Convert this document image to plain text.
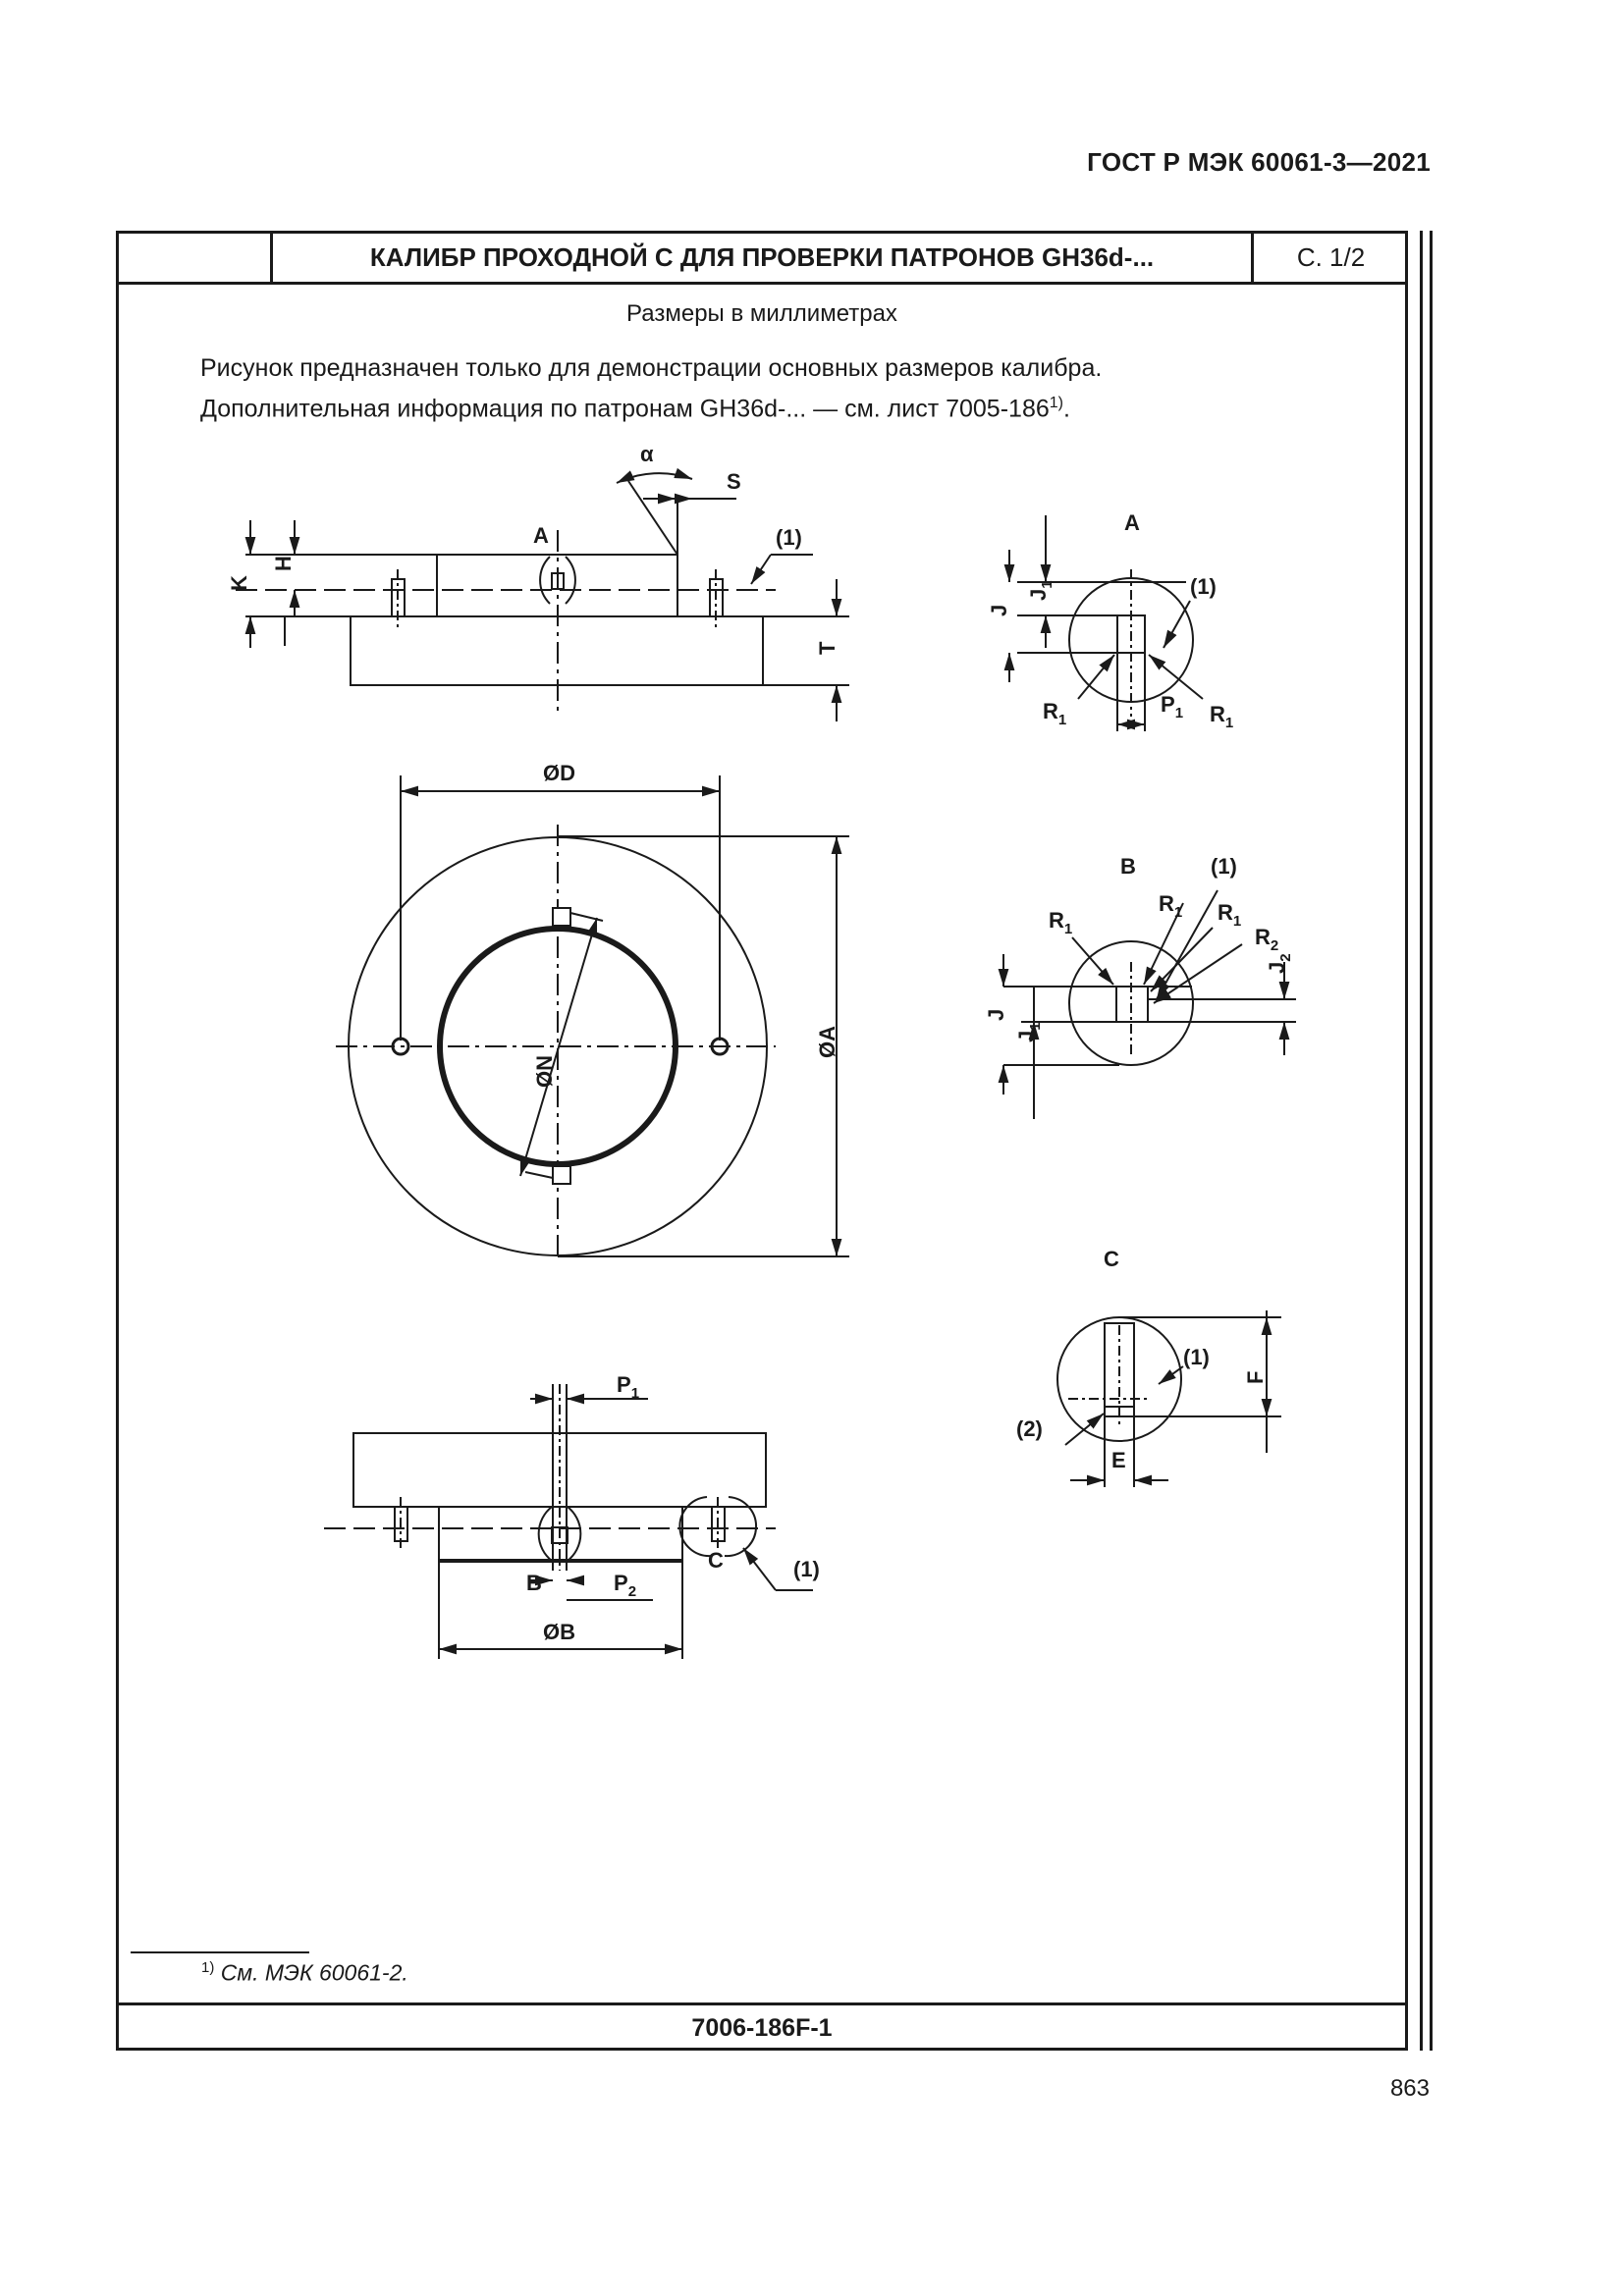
ГОСТ Р МЭК 60061-3—2021
КАЛИБР ПРОХОДНОЙ С ДЛЯ ПРОВЕРКИ ПАТРОНОВ GH36d-...	С. 1/2
Размеры в миллиметрах
Рисунок предназначен только для демонстрации основных размеров калибра.
Дополнительная информация по патронам GH36d-... — см. лист 7005-186$^{1)}$.
α
S
A	(1)
K
H
T
A
(1)
J
$J_1$
$R_1$
$P_1$ $R_1$
ØD
ØN
ØA
B	(1)
$R_1$
$R_1$ $R_1$
$R_2$
J
$J_1$
$J_2$
C
(1)
(2)
F
E
$P_1$
B	$P_2$
C	(1)
ØB
$^{1)}$ См. МЭК 60061-2.
7006-186F-1
863
